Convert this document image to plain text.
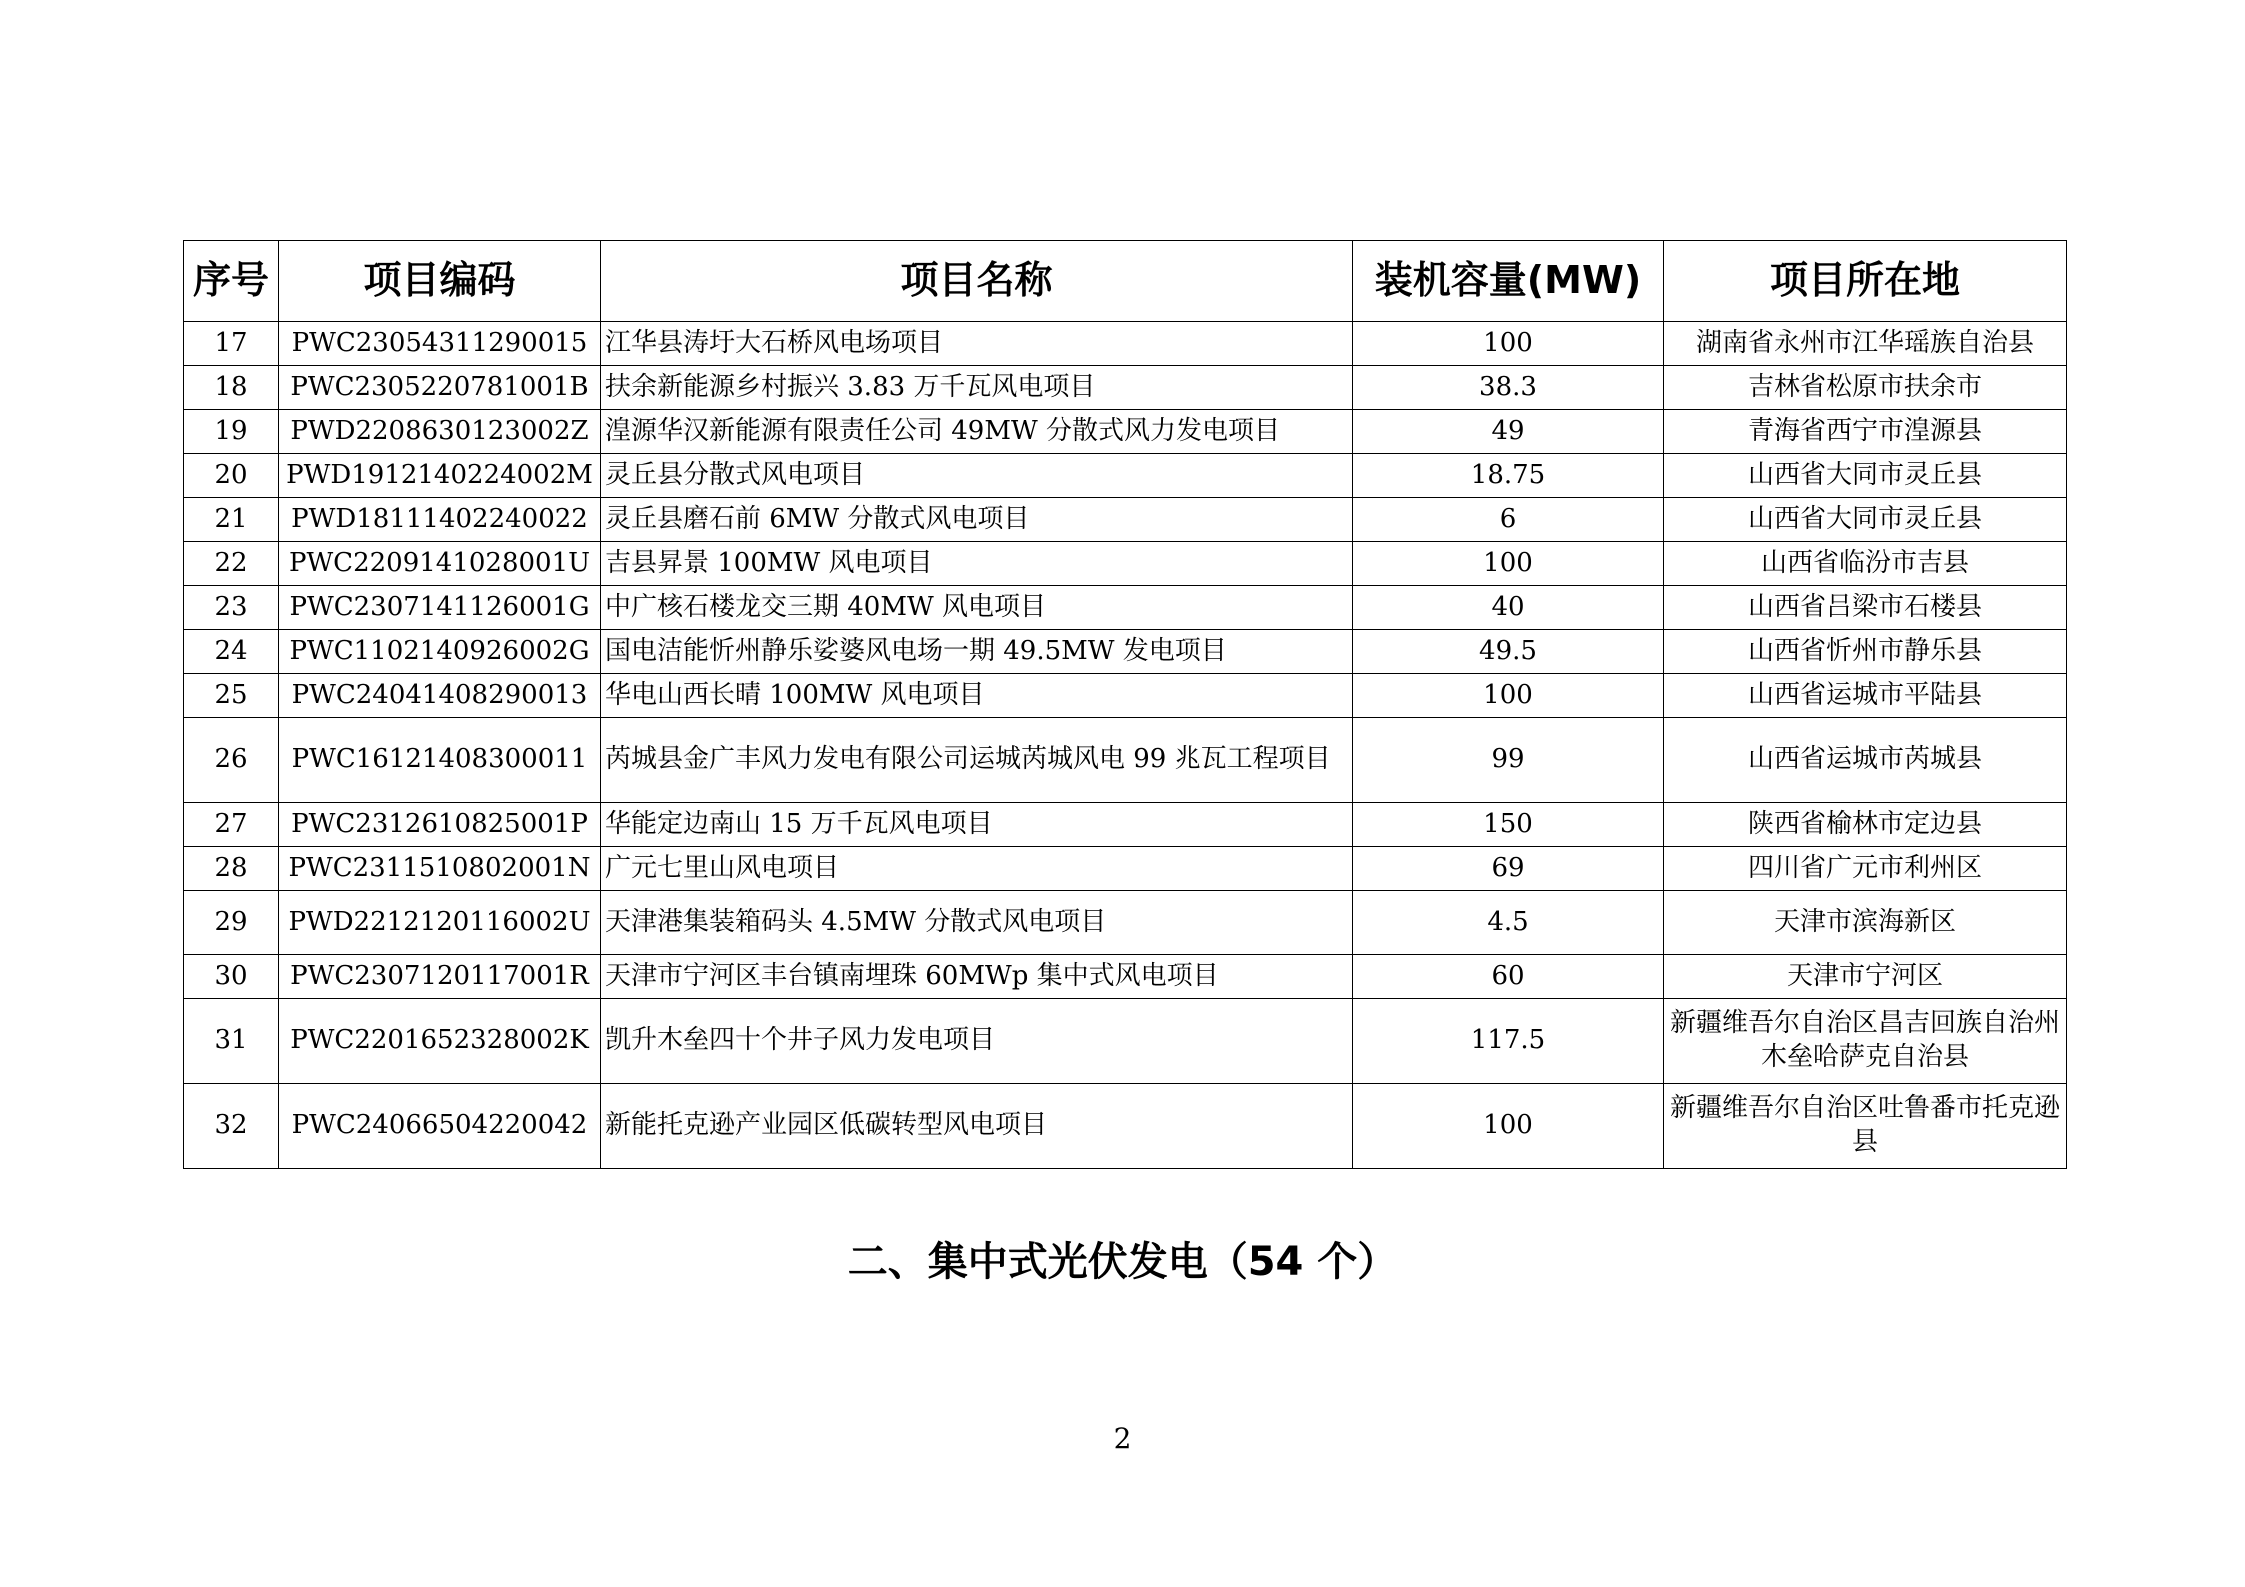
序号	项目编码	项目名称	装机容量(MW)	项目所在地
17	PWC23054311290015	江华县涛圩大石桥风电场项目	100	湖南省永州市江华瑶族自治县
18	PWC2305220781001B	扶余新能源乡村振兴 3.83 万千瓦风电项目	38.3	吉林省松原市扶余市
19	PWD2208630123002Z	湟源华汉新能源有限责任公司 49MW 分散式风力发电项目	49	青海省西宁市湟源县
20	PWD1912140224002M	灵丘县分散式风电项目	18.75	山西省大同市灵丘县
21	PWD18111402240022	灵丘县磨石前 6MW 分散式风电项目	6	山西省大同市灵丘县
22	PWC2209141028001U	吉县昇景 100MW 风电项目	100	山西省临汾市吉县
23	PWC2307141126001G	中广核石楼龙交三期 40MW 风电项目	40	山西省吕梁市石楼县
24	PWC1102140926002G	国电洁能忻州静乐娑婆风电场一期 49.5MW 发电项目	49.5	山西省忻州市静乐县
25	PWC24041408290013	华电山西长晴 100MW 风电项目	100	山西省运城市平陆县
26	PWC16121408300011	芮城县金广丰风力发电有限公司运城芮城风电 99 兆瓦工程项目	99	山西省运城市芮城县
27	PWC2312610825001P	华能定边南山 15 万千瓦风电项目	150	陕西省榆林市定边县
28	PWC2311510802001N	广元七里山风电项目	69	四川省广元市利州区
29	PWD2212120116002U	天津港集装箱码头 4.5MW 分散式风电项目	4.5	天津市滨海新区
30	PWC2307120117001R	天津市宁河区丰台镇南埋珠 60MWp 集中式风电项目	60	天津市宁河区
31	PWC2201652328002K	凯升木垒四十个井子风力发电项目	117.5	新疆维吾尔自治区昌吉回族自治州木垒哈萨克自治县
32	PWC24066504220042	新能托克逊产业园区低碳转型风电项目	100	新疆维吾尔自治区吐鲁番市托克逊县
二、集中式光伏发电（54 个）
2
